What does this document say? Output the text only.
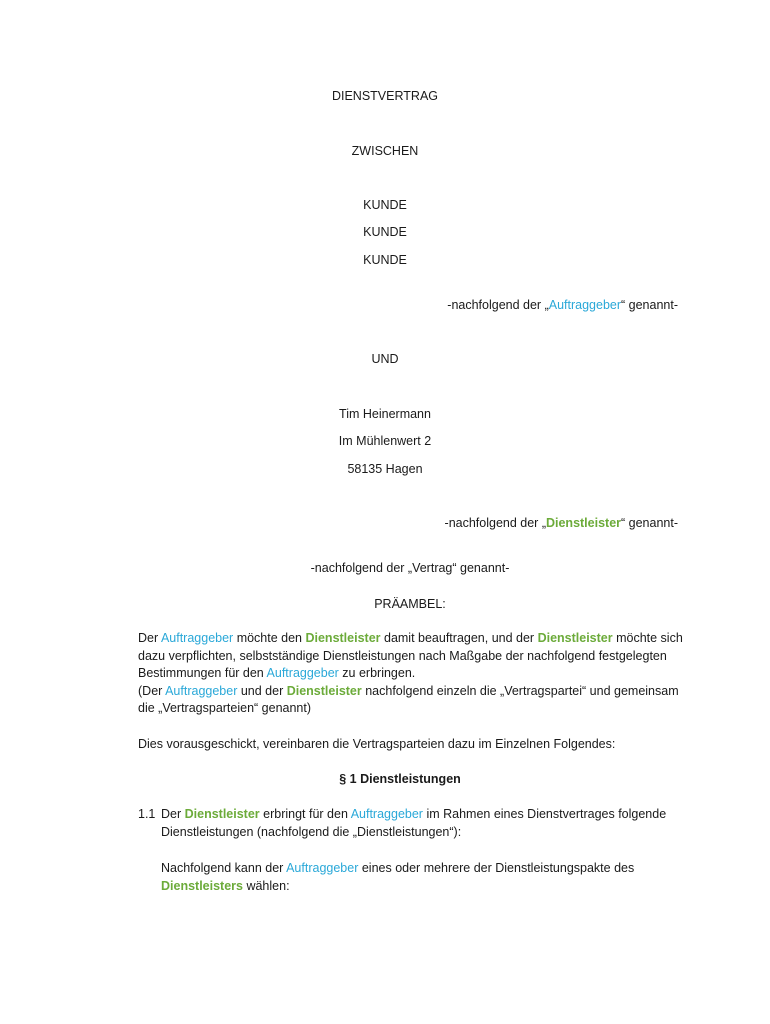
DIENSTVERTRAG
ZWISCHEN
KUNDE
KUNDE
KUNDE
-nachfolgend der „Auftraggeber“ genannt-
UND
Tim Heinermann
Im Mühlenwert 2
58135 Hagen
-nachfolgend der „Dienstleister“ genannt-
-nachfolgend der „Vertrag“ genannt-
PRÄAMBEL:
Der Auftraggeber möchte den Dienstleister damit beauftragen, und der Dienstleister möchte sich dazu verpflichten, selbstständige Dienstleistungen nach Maßgabe der nachfolgend festgelegten Bestimmungen für den Auftraggeber zu erbringen.
(Der Auftraggeber und der Dienstleister nachfolgend einzeln die „Vertragspartei“ und gemeinsam die „Vertragsparteien“ genannt)
Dies vorausgeschickt, vereinbaren die Vertragsparteien dazu im Einzelnen Folgendes:
§ 1 Dienstleistungen
1.1 Der Dienstleister erbringt für den Auftraggeber im Rahmen eines Dienstvertrages folgende Dienstleistungen (nachfolgend die „Dienstleistungen“):
Nachfolgend kann der Auftraggeber eines oder mehrere der Dienstleistungspakte des Dienstleisters wählen:
